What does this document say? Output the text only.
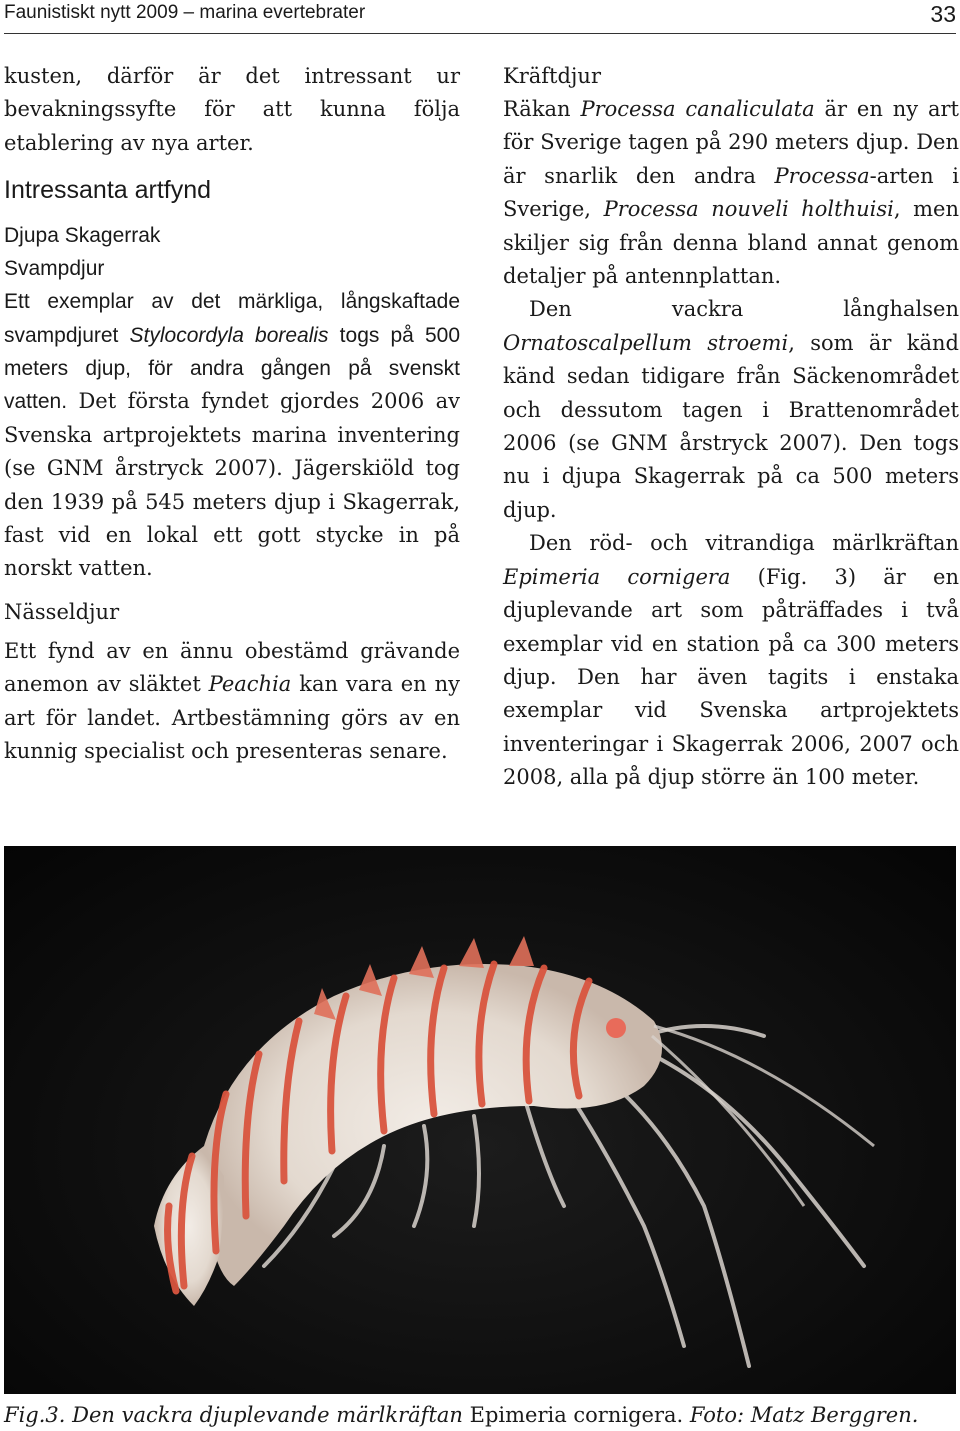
Faunistiskt nytt 2009 – marina evertebrater	33

kusten, därför är det intressant ur bevakningssyfte för att kunna följa etablering av nya arter.

Intressanta artfynd
Djupa Skagerrak
Svampdjur

Ett exemplar av det märkliga, långskaftade svampdjuret Stylocordyla borealis togs på 500 meters djup, för andra gången på svenskt vatten. Det första fyndet gjordes 2006 av Svenska artprojektets marina inventering (se GNM årstryck 2007). Jägerskiöld tog den 1939 på 545 meters djup i Skagerrak, fast vid en lokal ett gott stycke in på norskt vatten.

Nässeldjur

Ett fynd av en ännu obestämd grävande anemon av släktet Peachia kan vara en ny art för landet. Artbestämning görs av en kunnig specialist och presenteras senare.

Kräftdjur

Räkan Processa canaliculata är en ny art för Sverige tagen på 290 meters djup. Den är snarlik den andra Processa-arten i Sverige, Processa nouveli holthuisi, men skiljer sig från denna bland annat genom detaljer på antennplattan.

Den vackra långhalsen Ornatoscalpellum stroemi, som är känd känd sedan tidigare från Säckenområdet och dessutom tagen i Brattenområdet 2006 (se GNM årstryck 2007). Den togs nu i djupa Skagerrak på ca 500 meters djup.

Den röd- och vitrandiga märlkräftan Epimeria cornigera (Fig. 3) är en djuplevande art som påträffades i två exemplar vid en station på ca 300 meters djup. Den har även tagits i enstaka exemplar vid Svenska artprojektets inventeringar i Skagerrak 2006, 2007 och 2008, alla på djup större än 100 meter.

Fig.3. Den vackra djuplevande märlkräftan Epimeria cornigera. Foto: Matz Berggren.
